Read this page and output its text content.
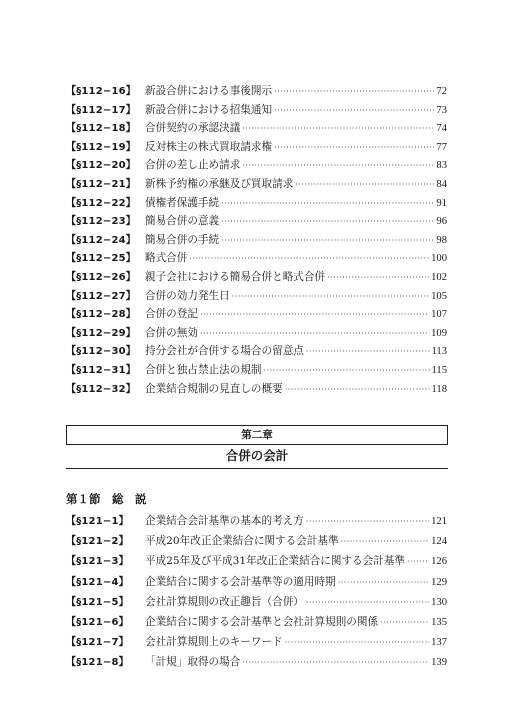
【§112−16】 新設合併における事後開示 ·····	72
【§112−17】 新設合併における招集通知 ·····	73
【§112−18】 合併契約の承認決議 ·····	74
【§112−19】 反対株主の株式買取請求権 ·····	77
【§112−20】 合併の差し止め請求 ·····	83
【§112−21】 新株予約権の承継及び買取請求 ·····	84
【§112−22】 債権者保護手続 ·····	91
【§112−23】 簡易合併の意義 ·····	96
【§112−24】 簡易合併の手続 ·····	98
【§112−25】 略式合併 ·····	100
【§112−26】 親子会社における簡易合併と略式合併 ·····	102
【§112−27】 合併の効力発生日 ·····	105
【§112−28】 合併の登記 ·····	107
【§112−29】 合併の無効 ·····	109
【§112−30】 持分会社が合併する場合の留意点 ·····	113
【§112−31】 合併と独占禁止法の規制 ·····	115
【§112−32】 企業結合規制の見直しの概要 ·····	118
第二章
合併の会計
第１節　総　説
【§121−1】	企業結合会計基準の基本的考え方 ·····	121
【§121−2】	平成20年改正企業結合に関する会計基準 ·····	124
【§121−3】	平成25年及び平成31年改正企業結合に関する会計基準 ····· 126
【§121−4】	企業結合に関する会計基準等の適用時期 ·····	129
【§121−5】	会社計算規則の改正趣旨（合併） ·····	130
【§121−6】	企業結合に関する会計基準と会社計算規則の関係 ·····	135
【§121−7】	会社計算規則上のキーワード ·····	137
【§121−8】	「計規」取得の場合 ·····	139
